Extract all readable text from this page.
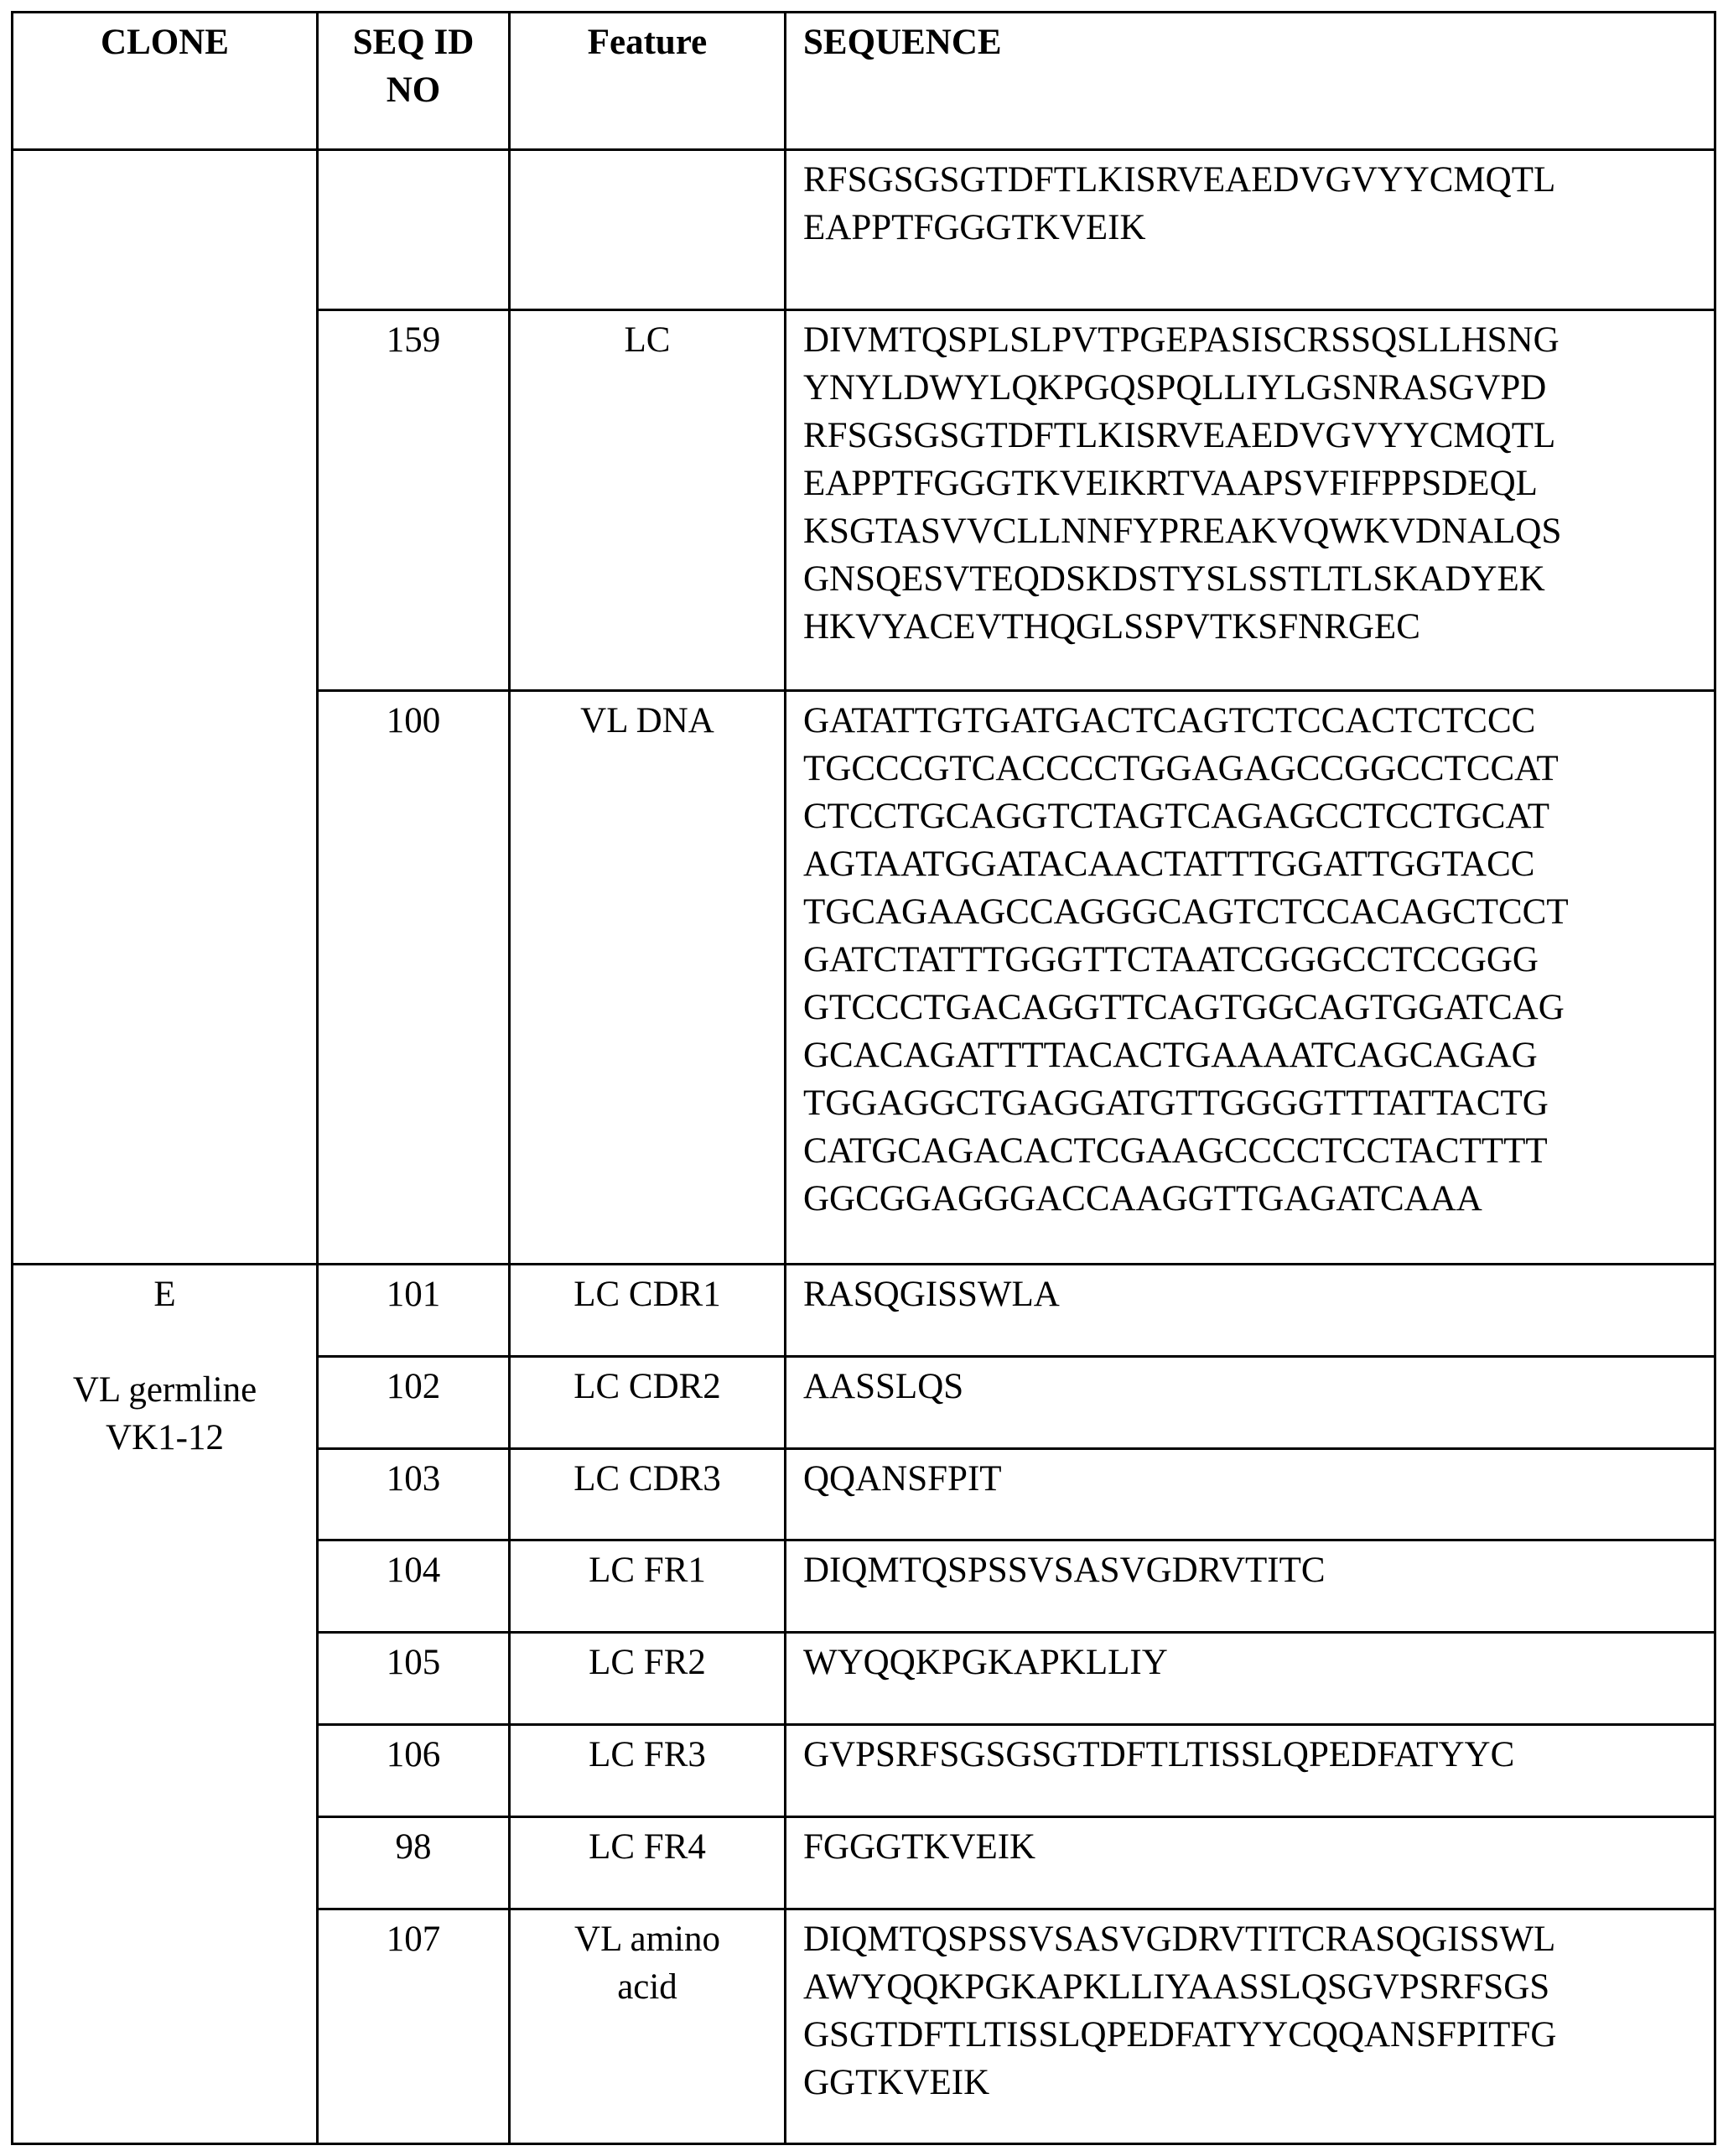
CLONE	SEQ ID NO	Feature	SEQUENCE
			RFSGSGSGTDFTLKISRVEAEDVGVYYCMQTL
EAPPTFGGGTKVEIK
159	LC	DIVMTQSPLSLPVTPGEPASISCRSSQSLLHSNG
YNYLDWYLQKPGQSPQLLIYLGSNRASGVPD
RFSGSGSGTDFTLKISRVEAEDVGVYYCMQTL
EAPPTFGGGTKVEIKRTVAAPSVFIFPPSDEQL
KSGTASVVCLLNNFYPREAKVQWKVDNALQS
GNSQESVTEQDSKDSTYSLSSTLTLSKADYEK
HKVYACEVTHQGLSSPVTKSFNRGEC
100	VL DNA	GATATTGTGATGACTCAGTCTCCACTCTCCC
TGCCCGTCACCCCTGGAGAGCCGGCCTCCAT
CTCCTGCAGGTCTAGTCAGAGCCTCCTGCAT
AGTAATGGATACAACTATTTGGATTGGTACC
TGCAGAAGCCAGGGCAGTCTCCACAGCTCCT
GATCTATTTGGGTTCTAATCGGGCCTCCGGG
GTCCCTGACAGGTTCAGTGGCAGTGGATCAG
GCACAGATTTTACACTGAAAATCAGCAGAG
TGGAGGCTGAGGATGTTGGGGTTTATTACTG
CATGCAGACACTCGAAGCCCCTCCTACTTTT
GGCGGAGGGACCAAGGTTGAGATCAAA
E
VL germline VK1-12
	101	LC CDR1	RASQGISSWLA
102	LC CDR2	AASSLQS
103	LC CDR3	QQANSFPIT
104	LC FR1	DIQMTQSPSSVSASVGDRVTITC
105	LC FR2	WYQQKPGKAPKLLIY
106	LC FR3	GVPSRFSGSGSGTDFTLTISSLQPEDFATYYC
98	LC FR4	FGGGTKVEIK
107	VL amino acid	DIQMTQSPSSVSASVGDRVTITCRASQGISSWL
AWYQQKPGKAPKLLIYAASSLQSGVPSRFSGS
GSGTDFTLTISSLQPEDFATYYCQQANSFPITFG
GGTKVEIK
